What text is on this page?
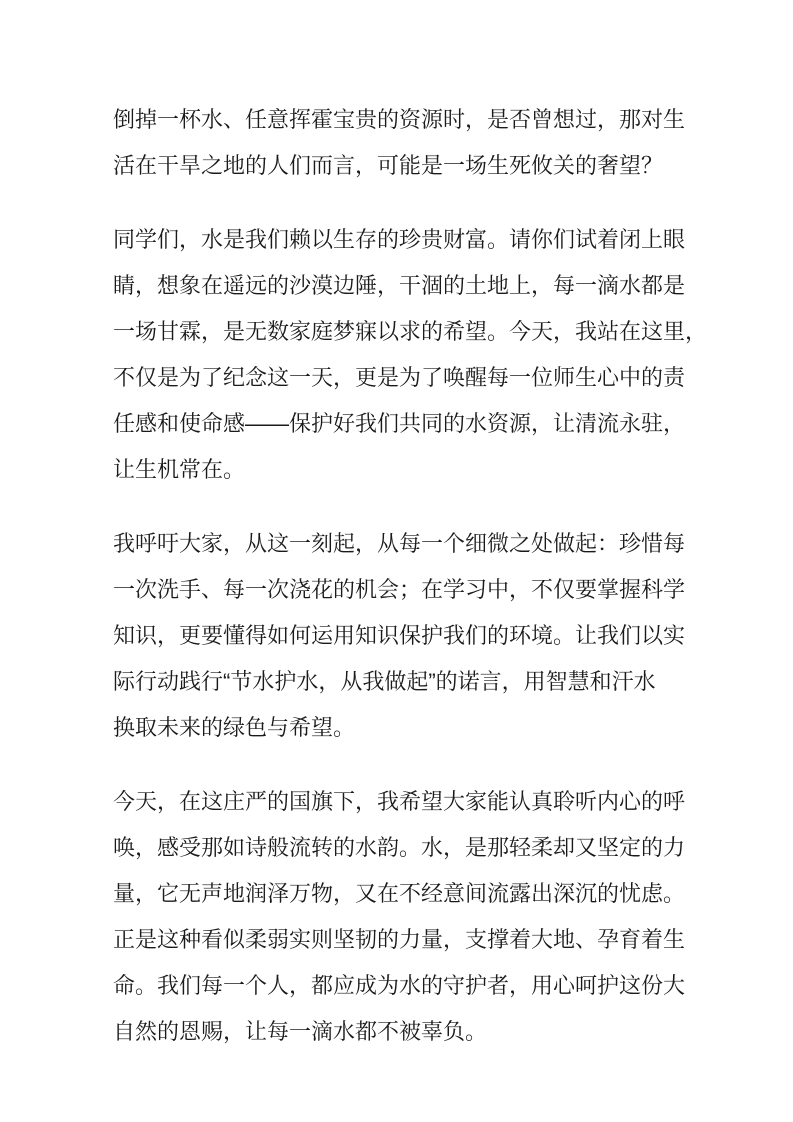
倒掉一杯水、任意挥霍宝贵的资源时，是否曾想过，那对生
活在干旱之地的人们而言，可能是一场生死攸关的奢望？
同学们，水是我们赖以生存的珍贵财富。请你们试着闭上眼
睛，想象在遥远的沙漠边陲，干涸的土地上，每一滴水都是
一场甘霖，是无数家庭梦寐以求的希望。今天，我站在这里，
不仅是为了纪念这一天，更是为了唤醒每一位师生心中的责
任感和使命感——保护好我们共同的水资源，让清流永驻，
让生机常在。
我呼吁大家，从这一刻起，从每一个细微之处做起：珍惜每
一次洗手、每一次浇花的机会；在学习中，不仅要掌握科学
知识，更要懂得如何运用知识保护我们的环境。让我们以实
际行动践行“节水护水，从我做起”的诺言，用智慧和汗水
换取未来的绿色与希望。
今天，在这庄严的国旗下，我希望大家能认真聆听内心的呼
唤，感受那如诗般流转的水韵。水，是那轻柔却又坚定的力
量，它无声地润泽万物，又在不经意间流露出深沉的忧虑。
正是这种看似柔弱实则坚韧的力量，支撑着大地、孕育着生
命。我们每一个人，都应成为水的守护者，用心呵护这份大
自然的恩赐，让每一滴水都不被辜负。
